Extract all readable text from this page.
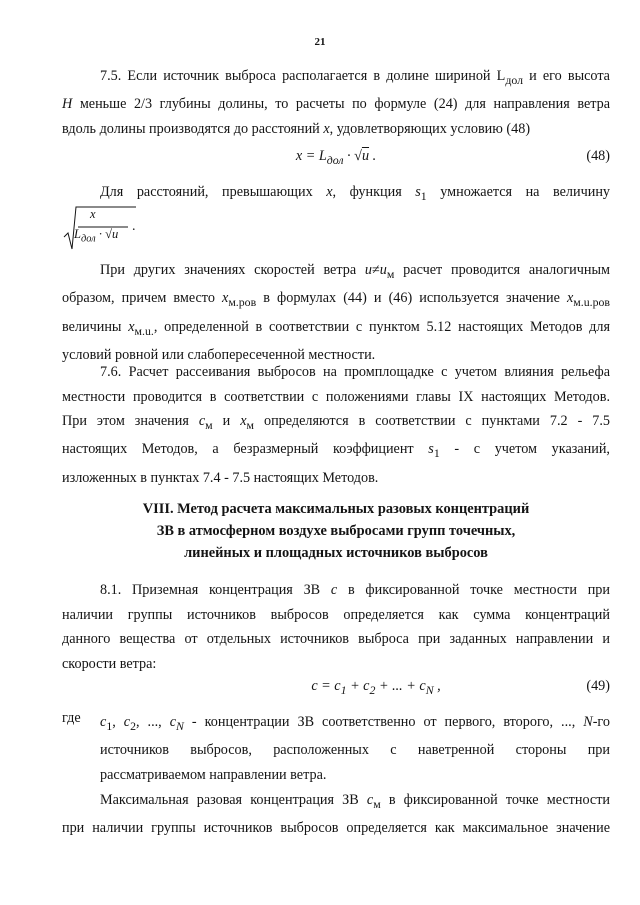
21
7.5. Если источник выброса располагается в долине шириной $L_{дол}$ и его высота
H меньше 2/3 глубины долины, то расчеты по формуле (24) для направления ветра
вдоль долины производятся до расстояний x, удовлетворяющих условию (48)
$x = L_{дол} \cdot √u$ .	(48)
Для расстояний, превышающих x, функция $s_1$ умножается на величину
x
$L_{дол} \cdot √u$ .
При других значениях скоростей ветра $u\ne u_м$ расчет проводится аналогичным
образом, причем вместо $x_{м.ров}$ в формулах (44) и (46) используется значение $x_{м.u.ров}$
величины $x_{м.u.}$, определенной в соответствии с пунктом 5.12 настоящих Методов для
условий ровной или слабопересеченной местности.
7.6. Расчет рассеивания выбросов на промплощадке с учетом влияния рельефа
местности проводится в соответствии с положениями главы IX настоящих Методов.
При этом значения $c_м$ и $x_м$ определяются в соответствии с пунктами 7.2 - 7.5
настоящих Методов, а безразмерный коэффициент $s_1$ - с учетом указаний,
изложенных в пунктах 7.4 - 7.5 настоящих Методов.
VIII. Метод расчета максимальных разовых концентраций
ЗВ в атмосферном воздухе выбросами групп точечных,
линейных и площадных источников выбросов
8.1. Приземная концентрация ЗВ c в фиксированной точке местности при
наличии группы источников выбросов определяется как сумма концентраций
данного вещества от отдельных источников выброса при заданных направлении и
скорости ветра:
$c = c_1 + c_2$ + ... + $c_N$ ,	(49)
где $c_1$, $c_2$, ..., $c_N$ - концентрации ЗВ соответственно от первого, второго, ..., N-го
источников выбросов, расположенных с наветренной стороны при
рассматриваемом направлении ветра.
Максимальная разовая концентрация ЗВ $c_м$ в фиксированной точке местности
при наличии группы источников выбросов определяется как максимальное значение
